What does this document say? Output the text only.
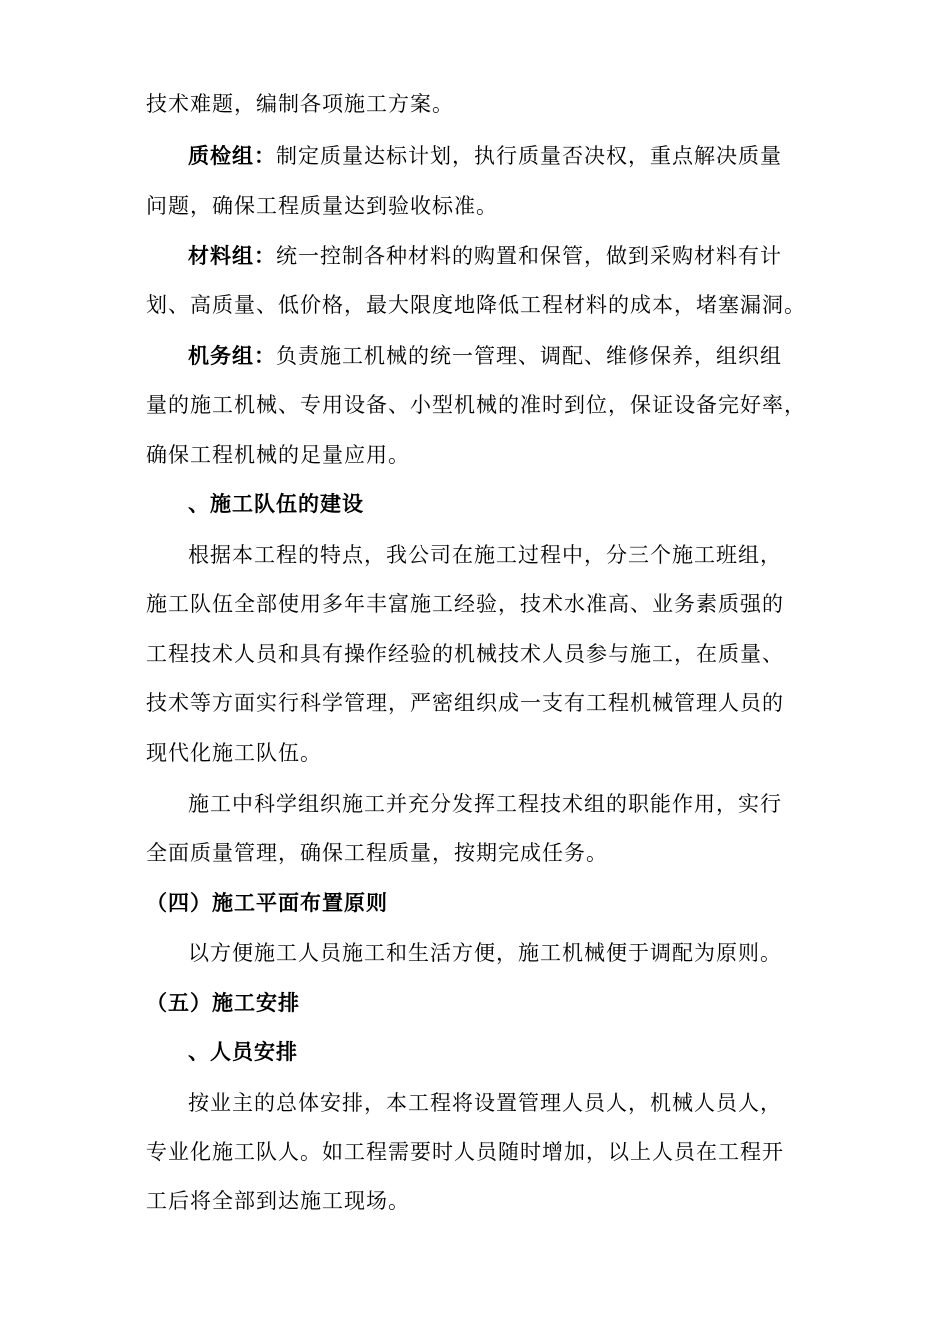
技术难题，编制各项施工方案。
质检组：制定质量达标计划，执行质量否决权，重点解决质量
问题，确保工程质量达到验收标准。
材料组：统一控制各种材料的购置和保管，做到采购材料有计
划、高质量、低价格，最大限度地降低工程材料的成本，堵塞漏洞。
机务组：负责施工机械的统一管理、调配、维修保养，组织组
量的施工机械、专用设备、小型机械的准时到位，保证设备完好率，
确保工程机械的足量应用。
、施工队伍的建设
根据本工程的特点，我公司在施工过程中，分三个施工班组，
施工队伍全部使用多年丰富施工经验，技术水准高、业务素质强的
工程技术人员和具有操作经验的机械技术人员参与施工，在质量、
技术等方面实行科学管理，严密组织成一支有工程机械管理人员的
现代化施工队伍。
施工中科学组织施工并充分发挥工程技术组的职能作用，实行
全面质量管理，确保工程质量，按期完成任务。
（四）施工平面布置原则
以方便施工人员施工和生活方便，施工机械便于调配为原则。
（五）施工安排
、人员安排
按业主的总体安排，本工程将设置管理人员人，机械人员人，
专业化施工队人。如工程需要时人员随时增加，以上人员在工程开
工后将全部到达施工现场。
